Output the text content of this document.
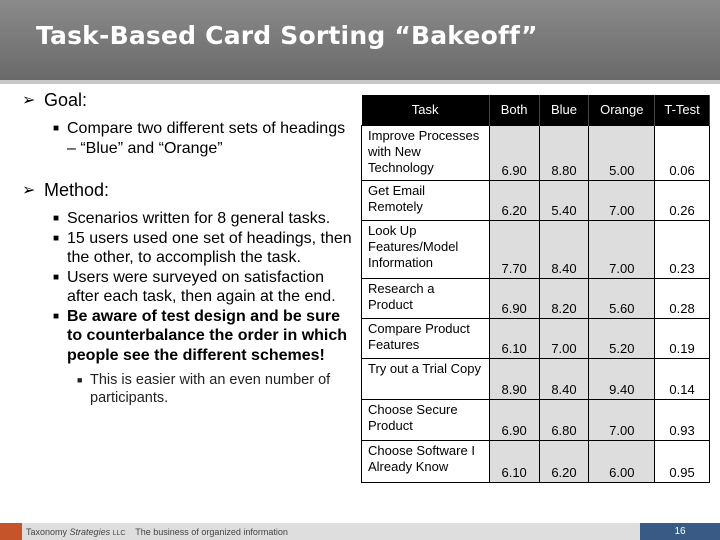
Task-Based Card Sorting “Bakeoff”
➢ Goal:
■ Compare two different sets of headings – “Blue” and “Orange”
➢ Method:
■ Scenarios written for 8 general tasks.
■ 15 users used one set of headings, then the other, to accomplish the task.
■ Users were surveyed on satisfaction after each task, then again at the end.
■ Be aware of test design and be sure to counterbalance the order in which people see the different schemes!
■ This is easier with an even number of participants.
Task	Both	Blue	Orange	T-Test
Improve Processes with New Technology	6.90	8.80	5.00	0.06
Get Email Remotely	6.20	5.40	7.00	0.26
Look Up Features/Model Information	7.70	8.40	7.00	0.23
Research a Product	6.90	8.20	5.60	0.28
Compare Product Features	6.10	7.00	5.20	0.19
Try out a Trial Copy	8.90	8.40	9.40	0.14
Choose Secure Product	6.90	6.80	7.00	0.93
Choose Software I Already Know	6.10	6.20	6.00	0.95
Taxonomy Strategies LLC The business of organized information	16
